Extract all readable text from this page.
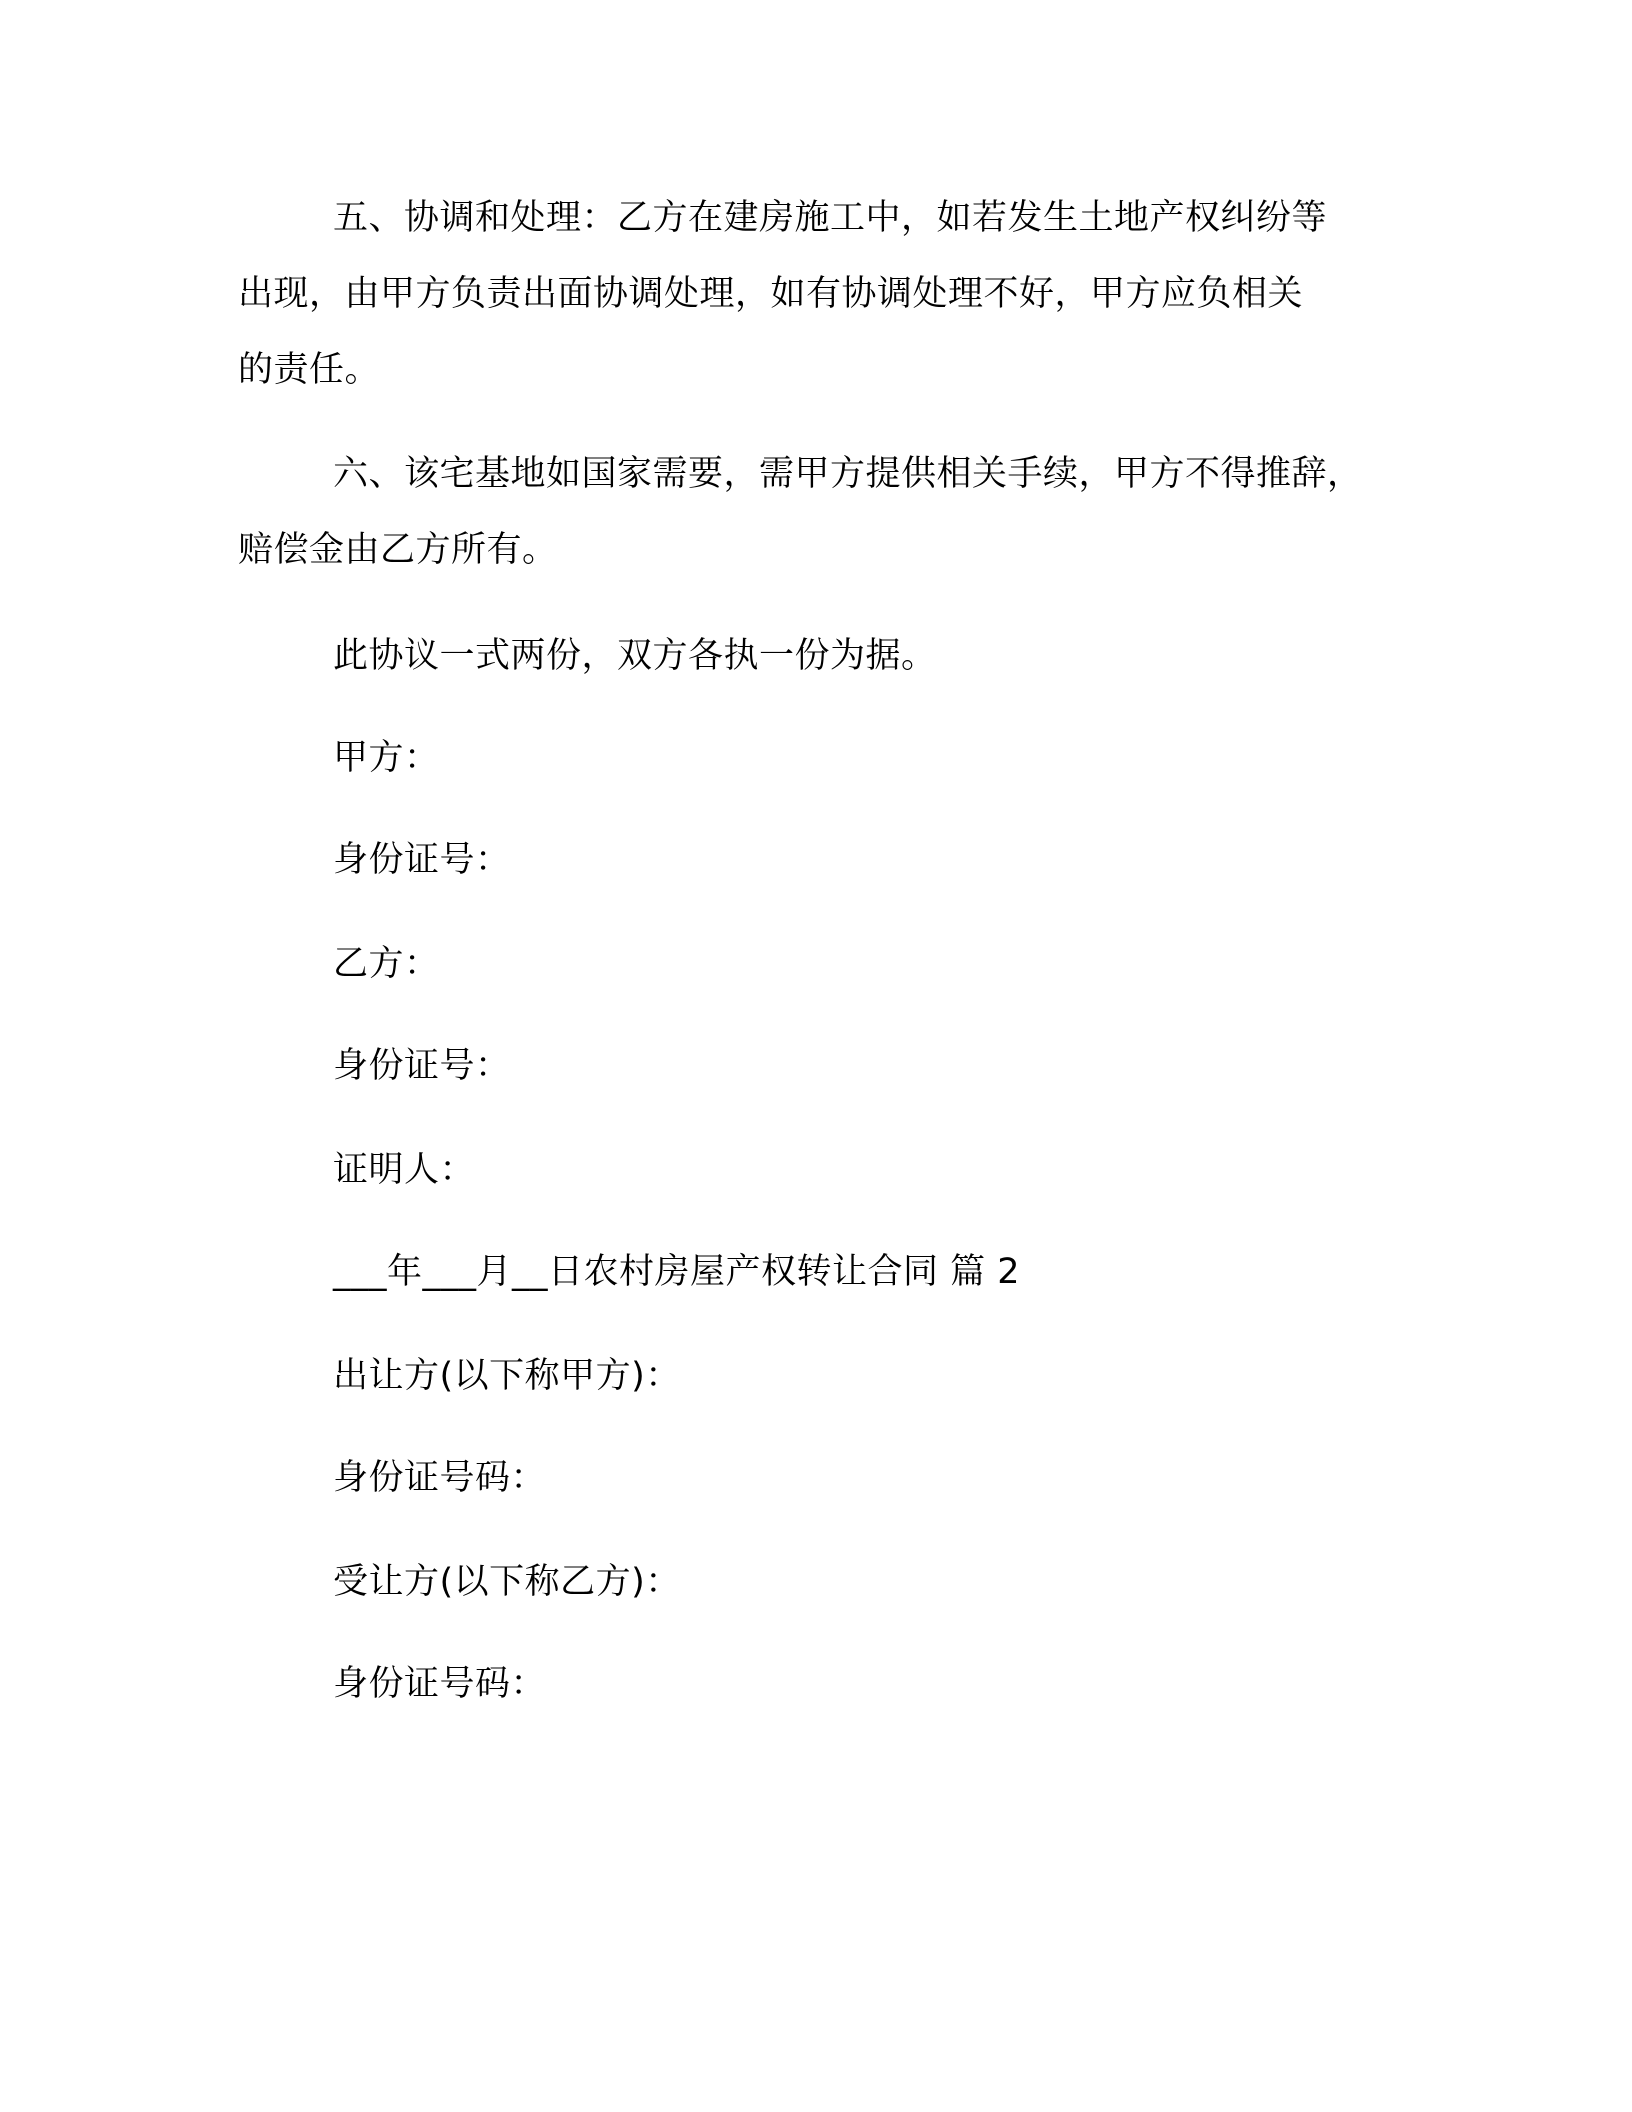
五、协调和处理：乙方在建房施工中，如若发生土地产权纠纷等
出现，由甲方负责出面协调处理，如有协调处理不好，甲方应负相关
的责任。
六、该宅基地如国家需要，需甲方提供相关手续，甲方不得推辞，
赔偿金由乙方所有。
此协议一式两份，双方各执一份为据。
甲方：
身份证号：
乙方：
身份证号：
证明人：
___年___月__日农村房屋产权转让合同 篇 2
出让方(以下称甲方)：
身份证号码：
受让方(以下称乙方)：
身份证号码：
